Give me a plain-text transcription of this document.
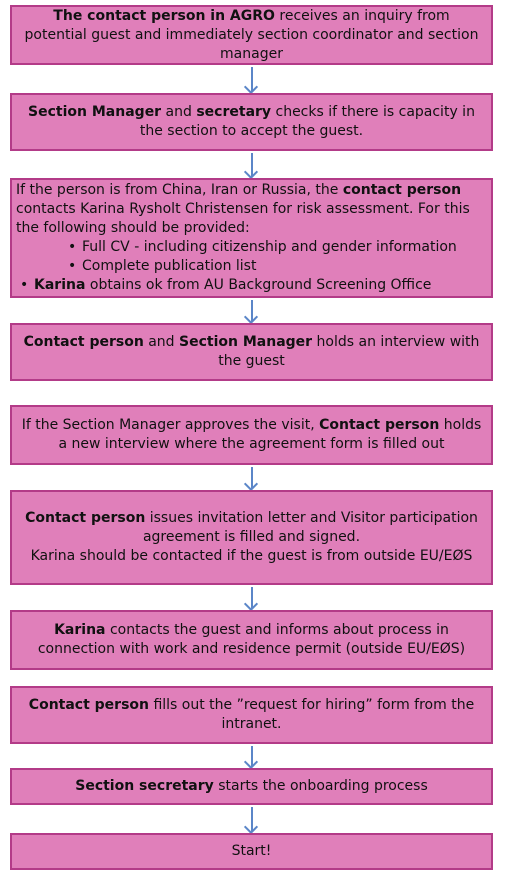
The contact person in AGRO receives an inquiry from potential guest and immediately section coordinator and section manager
Section Manager and secretary checks if there is capacity in the section to accept the guest.
If the person is from China, Iran or Russia, the contact person contacts Karina Rysholt Christensen for risk assessment. For this the following should be provided:
• Full CV - including citizenship and gender information
• Complete publication list
• Karina obtains ok from AU Background Screening Office
Contact person and Section Manager holds an interview with the guest
If the Section Manager approves the visit, Contact person holds a new interview where the agreement form is filled out
Contact person issues invitation letter and Visitor participation agreement is filled and signed.
Karina should be contacted if the guest is from outside EU/EØS
Karina contacts the guest and informs about process in connection with work and residence permit (outside EU/EØS)
Contact person fills out the ”request for hiring” form from the intranet.
Section secretary starts the onboarding process
Start!
